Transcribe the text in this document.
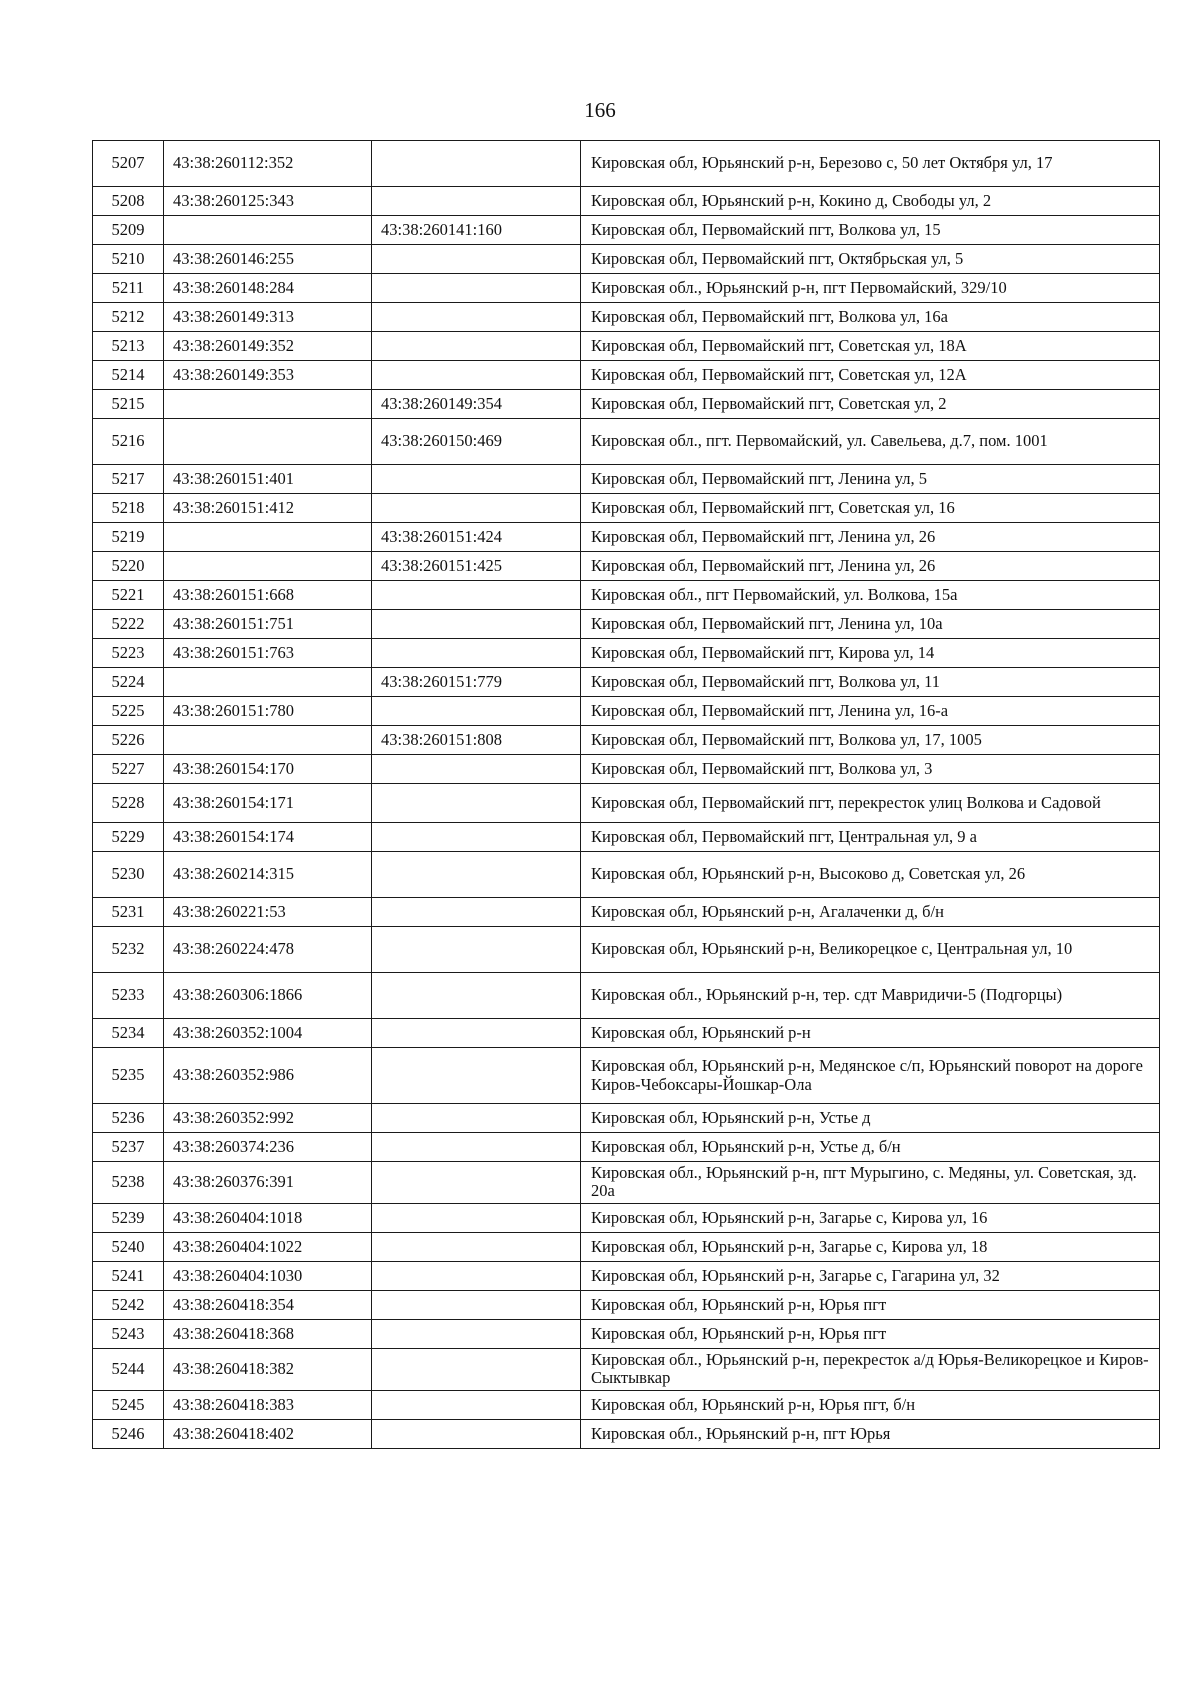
166
5207	43:38:260112:352		Кировская обл, Юрьянский р-н, Березово с, 50 лет Октября ул, 17
5208	43:38:260125:343		Кировская обл, Юрьянский р-н, Кокино д, Свободы ул, 2
5209		43:38:260141:160	Кировская обл, Первомайский пгт, Волкова ул, 15
5210	43:38:260146:255		Кировская обл, Первомайский пгт, Октябрьская ул, 5
5211	43:38:260148:284		Кировская обл., Юрьянский р-н, пгт Первомайский, 329/10
5212	43:38:260149:313		Кировская обл, Первомайский пгт, Волкова ул, 16а
5213	43:38:260149:352		Кировская обл, Первомайский пгт, Советская ул, 18А
5214	43:38:260149:353		Кировская обл, Первомайский пгт, Советская ул, 12А
5215		43:38:260149:354	Кировская обл, Первомайский пгт, Советская ул, 2
5216		43:38:260150:469	Кировская обл., пгт. Первомайский, ул. Савельева, д.7, пом. 1001
5217	43:38:260151:401		Кировская обл, Первомайский пгт, Ленина ул, 5
5218	43:38:260151:412		Кировская обл, Первомайский пгт, Советская ул, 16
5219		43:38:260151:424	Кировская обл, Первомайский пгт, Ленина ул, 26
5220		43:38:260151:425	Кировская обл, Первомайский пгт, Ленина ул, 26
5221	43:38:260151:668		Кировская обл., пгт Первомайский, ул. Волкова, 15а
5222	43:38:260151:751		Кировская обл, Первомайский пгт, Ленина ул, 10а
5223	43:38:260151:763		Кировская обл, Первомайский пгт, Кирова ул, 14
5224		43:38:260151:779	Кировская обл, Первомайский пгт, Волкова ул, 11
5225	43:38:260151:780		Кировская обл, Первомайский пгт, Ленина ул, 16-а
5226		43:38:260151:808	Кировская обл, Первомайский пгт, Волкова ул, 17, 1005
5227	43:38:260154:170		Кировская обл, Первомайский пгт, Волкова ул, 3
5228	43:38:260154:171		Кировская обл, Первомайский пгт, перекресток улиц Волкова и Садовой
5229	43:38:260154:174		Кировская обл, Первомайский пгт, Центральная ул, 9 а
5230	43:38:260214:315		Кировская обл, Юрьянский р-н, Высоково д, Советская ул, 26
5231	43:38:260221:53		Кировская обл, Юрьянский р-н, Агалаченки д, б/н
5232	43:38:260224:478		Кировская обл, Юрьянский р-н, Великорецкое с, Центральная ул, 10
5233	43:38:260306:1866		Кировская обл., Юрьянский р-н, тер. сдт Мавридичи-5 (Подгорцы)
5234	43:38:260352:1004		Кировская обл, Юрьянский р-н
5235	43:38:260352:986		Кировская обл, Юрьянский р-н, Медянское с/п, Юрьянский поворот на дороге Киров-Чебоксары-Йошкар-Ола
5236	43:38:260352:992		Кировская обл, Юрьянский р-н, Устье д
5237	43:38:260374:236		Кировская обл, Юрьянский р-н, Устье д, б/н
5238	43:38:260376:391		Кировская обл., Юрьянский р-н, пгт Мурыгино, с. Медяны, ул. Советская, зд. 20а
5239	43:38:260404:1018		Кировская обл, Юрьянский р-н, Загарье с, Кирова ул, 16
5240	43:38:260404:1022		Кировская обл, Юрьянский р-н, Загарье с, Кирова ул, 18
5241	43:38:260404:1030		Кировская обл, Юрьянский р-н, Загарье с, Гагарина ул, 32
5242	43:38:260418:354		Кировская обл, Юрьянский р-н, Юрья пгт
5243	43:38:260418:368		Кировская обл, Юрьянский р-н, Юрья пгт
5244	43:38:260418:382		Кировская обл., Юрьянский р-н, перекресток а/д Юрья-Великорецкое и Киров-Сыктывкар
5245	43:38:260418:383		Кировская обл, Юрьянский р-н, Юрья пгт, б/н
5246	43:38:260418:402		Кировская обл., Юрьянский р-н, пгт Юрья
